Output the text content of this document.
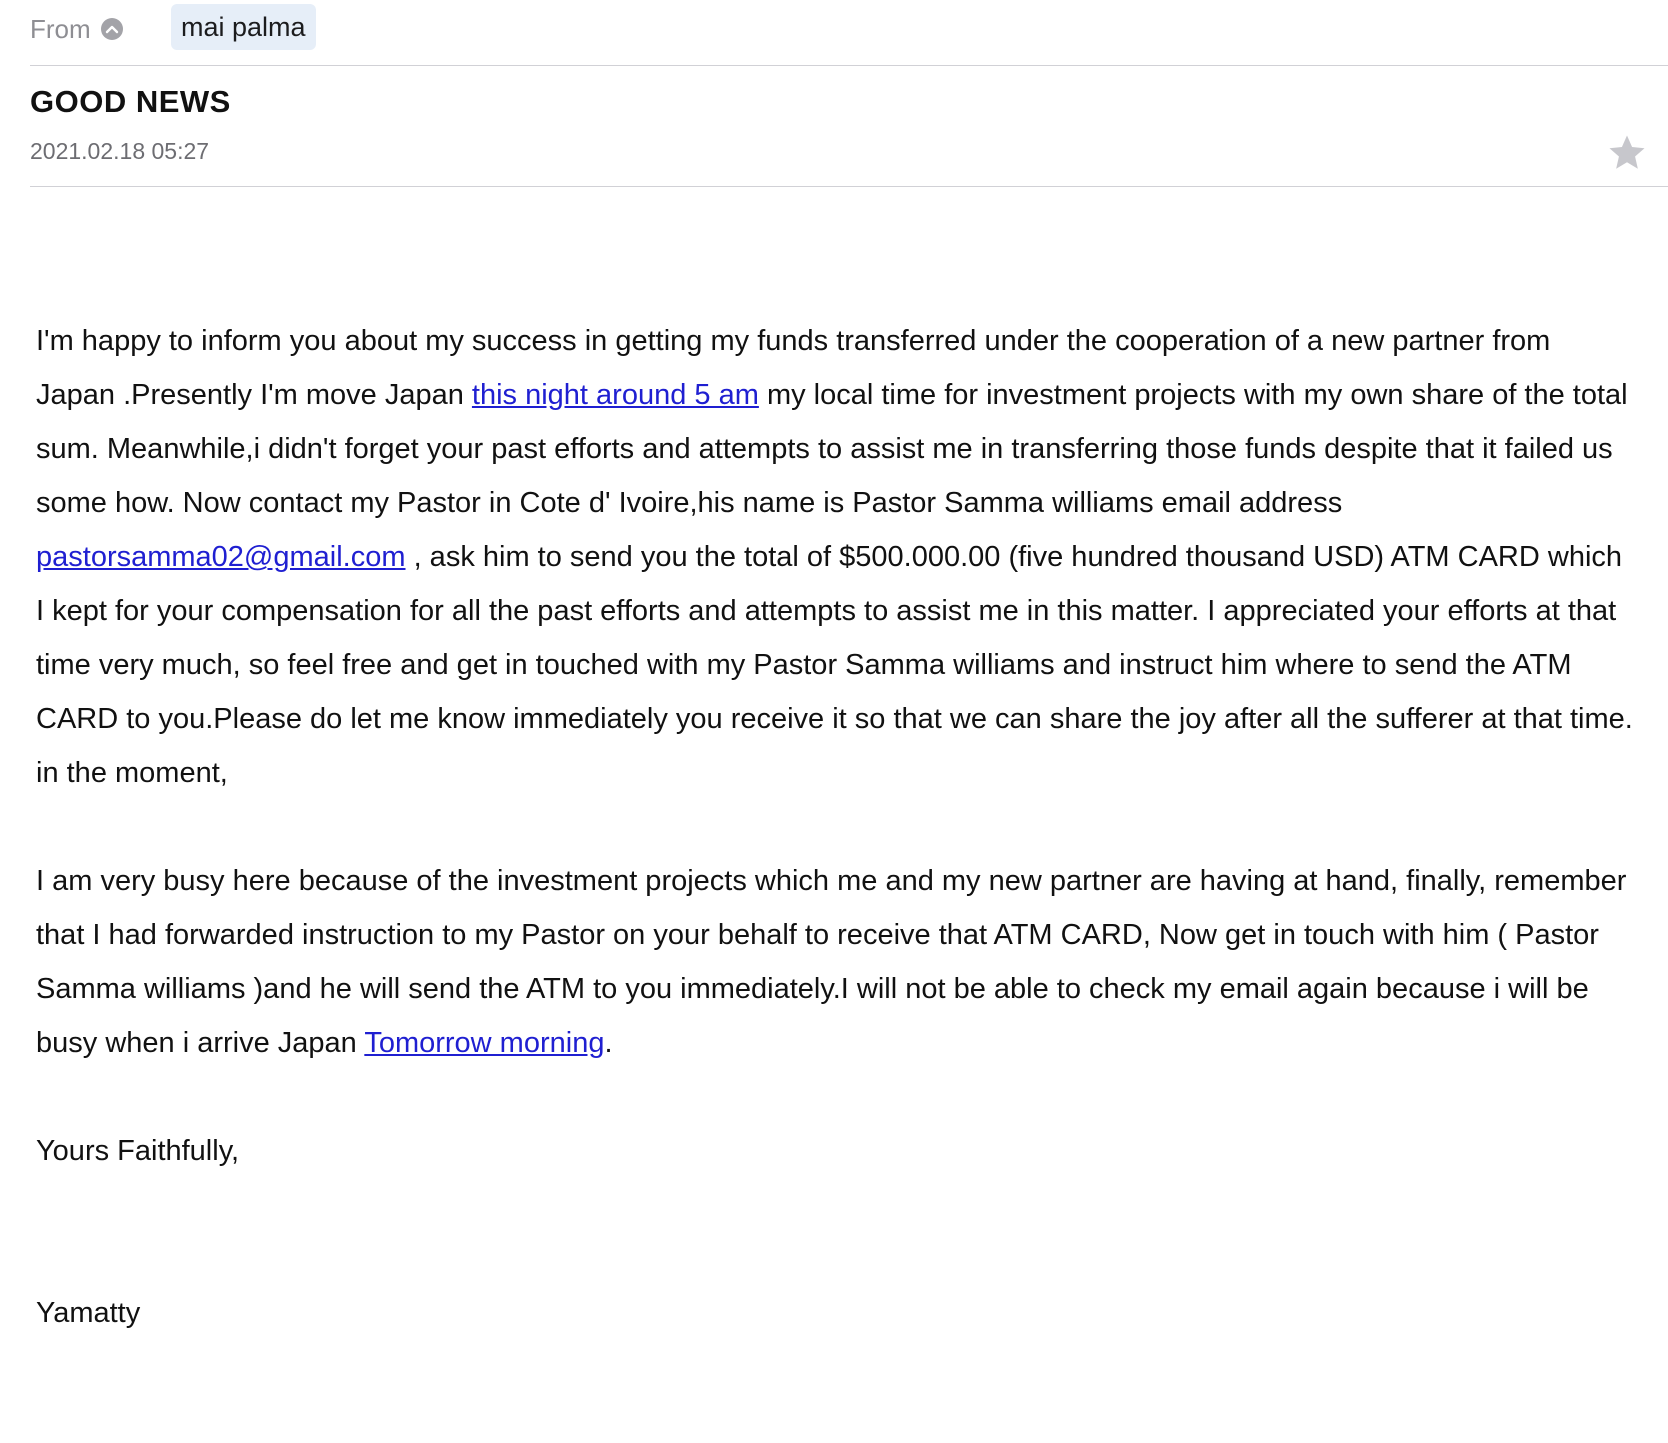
From	mai palma
GOOD NEWS
2021.02.18 05:27

I'm happy to inform you about my success in getting my funds transferred under the cooperation of a new partner from Japan .Presently I'm move Japan this night around 5 am my local time for investment projects with my own share of the total sum. Meanwhile,i didn't forget your past efforts and attempts to assist me in transferring those funds despite that it failed us some how. Now contact my Pastor in Cote d' Ivoire,his name is Pastor Samma williams email address pastorsamma02@gmail.com , ask him to send you the total of $500.000.00 (five hundred thousand USD) ATM CARD which I kept for your compensation for all the past efforts and attempts to assist me in this matter. I appreciated your efforts at that time very much, so feel free and get in touched with my Pastor Samma williams and instruct him where to send the ATM CARD to you.Please do let me know immediately you receive it so that we can share the joy after all the sufferer at that time. in the moment,

I am very busy here because of the investment projects which me and my new partner are having at hand, finally, remember that I had forwarded instruction to my Pastor on your behalf to receive that ATM CARD, Now get in touch with him ( Pastor Samma williams )and he will send the ATM to you immediately.I will not be able to check my email again because i will be busy when i arrive Japan Tomorrow morning.

Yours Faithfully,

Yamatty
